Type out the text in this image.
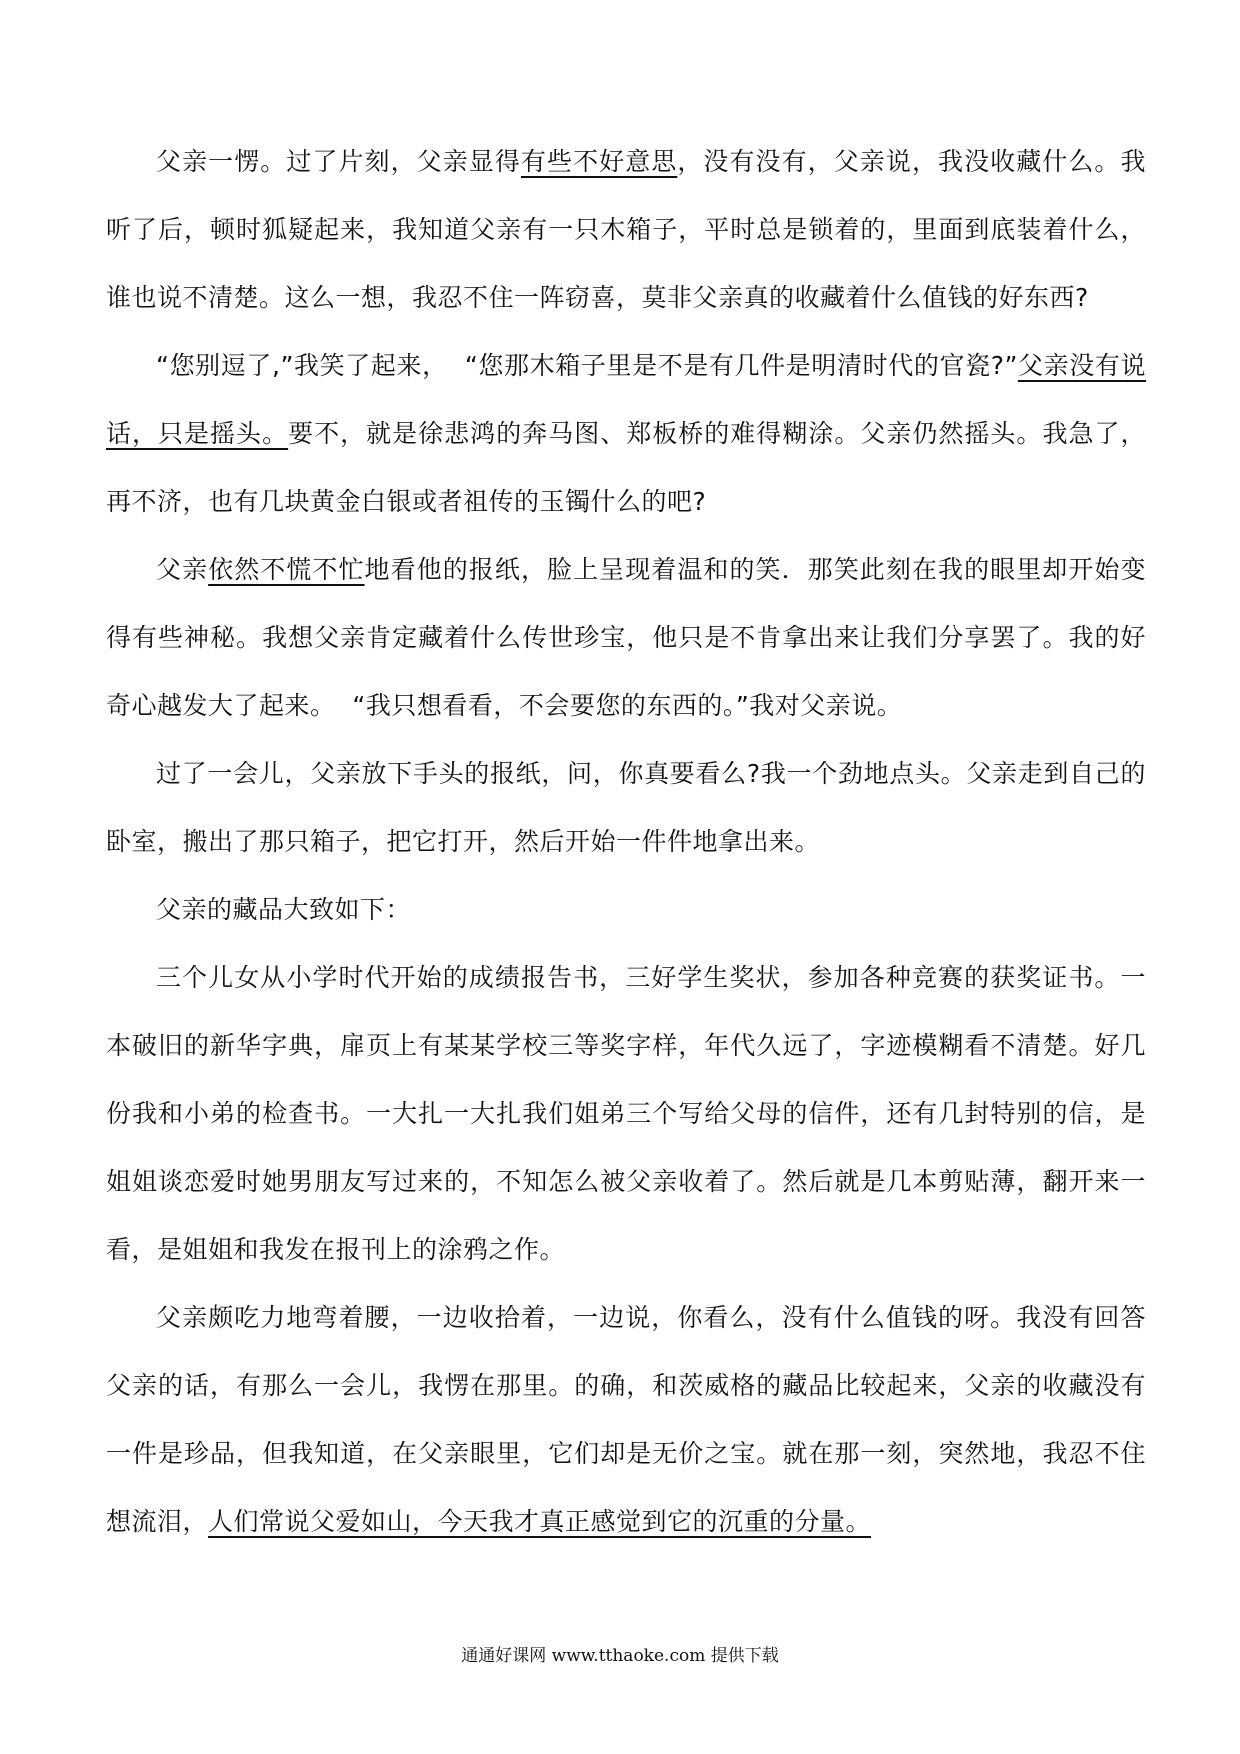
父亲一愣。过了片刻，父亲显得有些不好意思，没有没有，父亲说，我没收藏什么。我听了后，顿时狐疑起来，我知道父亲有一只木箱子，平时总是锁着的，里面到底装着什么，谁也说不清楚。这么一想，我忍不住一阵窃喜，莫非父亲真的收藏着什么值钱的好东西?

“您别逗了,”我笑了起来，  “您那木箱子里是不是有几件是明清时代的官瓷?”父亲没有说话，只是摇头。要不，就是徐悲鸿的奔马图、郑板桥的难得糊涂。父亲仍然摇头。我急了，再不济，也有几块黄金白银或者祖传的玉镯什么的吧?

父亲依然不慌不忙地看他的报纸，脸上呈现着温和的笑．那笑此刻在我的眼里却开始变得有些神秘。我想父亲肯定藏着什么传世珍宝，他只是不肯拿出来让我们分享罢了。我的好奇心越发大了起来。  “我只想看看，不会要您的东西的。”我对父亲说。

过了一会儿，父亲放下手头的报纸，问，你真要看么?我一个劲地点头。父亲走到自己的卧室，搬出了那只箱子，把它打开，然后开始一件件地拿出来。

父亲的藏品大致如下：

三个儿女从小学时代开始的成绩报告书，三好学生奖状，参加各种竞赛的获奖证书。一本破旧的新华字典，扉页上有某某学校三等奖字样，年代久远了，字迹模糊看不清楚。好几份我和小弟的检查书。一大扎一大扎我们姐弟三个写给父母的信件，还有几封特别的信，是姐姐谈恋爱时她男朋友写过来的，不知怎么被父亲收着了。然后就是几本剪贴薄，翻开来一看，是姐姐和我发在报刊上的涂鸦之作。

父亲颇吃力地弯着腰，一边收拾着，一边说，你看么，没有什么值钱的呀。我没有回答父亲的话，有那么一会儿，我愣在那里。的确，和茨威格的藏品比较起来，父亲的收藏没有一件是珍品，但我知道，在父亲眼里，它们却是无价之宝。就在那一刻，突然地，我忍不住想流泪，人们常说父爱如山，今天我才真正感觉到它的沉重的分量。

通通好课网 www.tthaoke.com 提供下载
